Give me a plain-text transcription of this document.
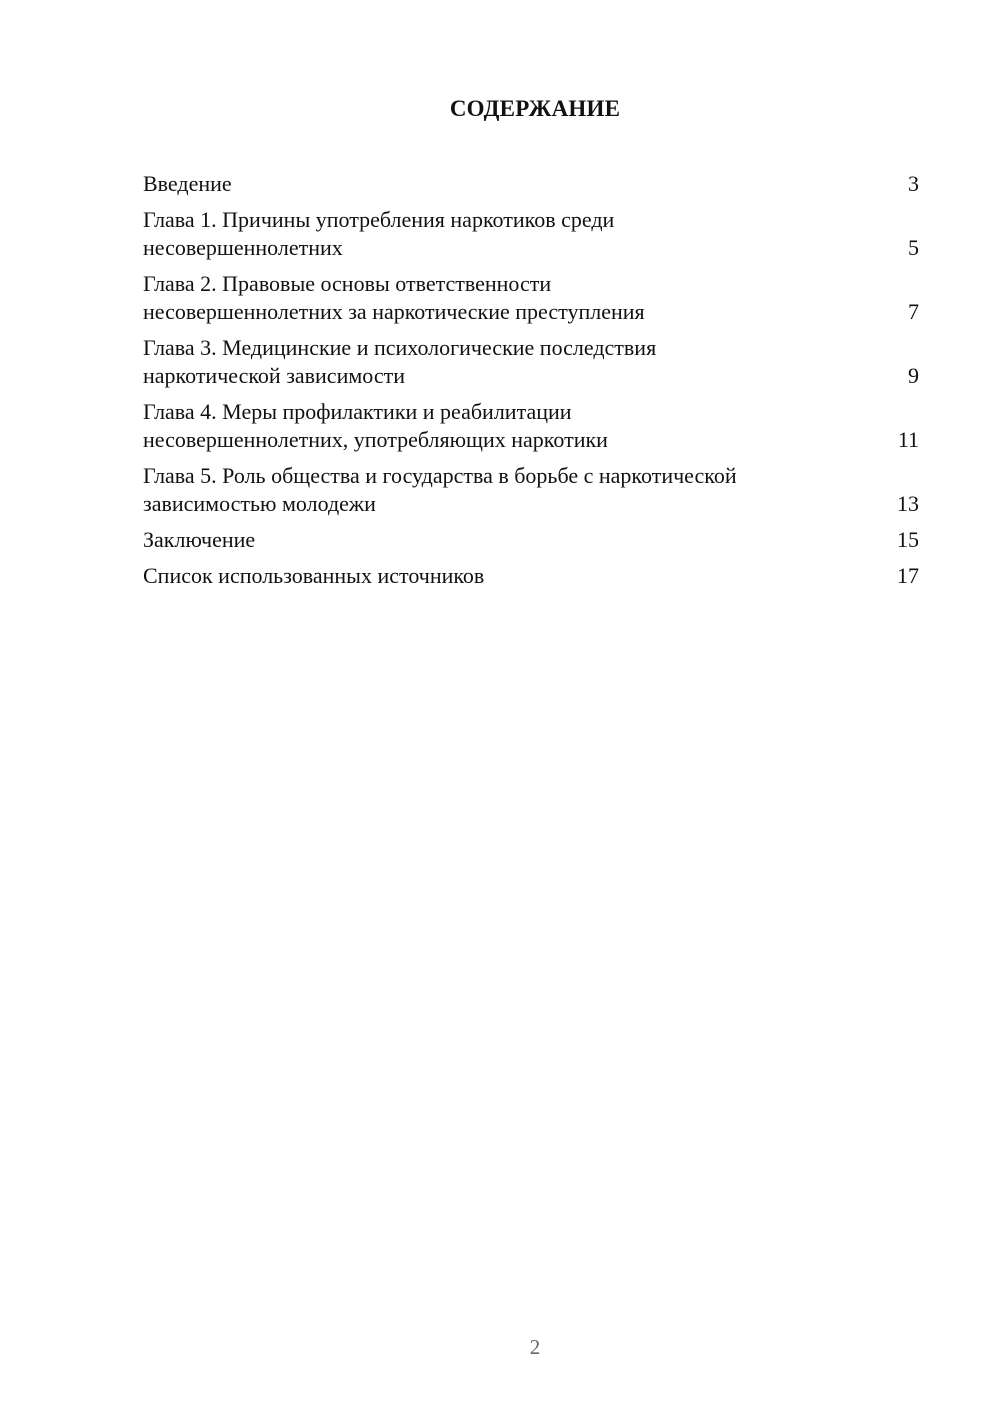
СОДЕРЖАНИЕ
Введение	3
Глава 1. Причины употребления наркотиков среди несовершеннолетних	5
Глава 2. Правовые основы ответственности несовершеннолетних за наркотические преступления	7
Глава 3. Медицинские и психологические последствия наркотической зависимости	9
Глава 4. Меры профилактики и реабилитации несовершеннолетних, употребляющих наркотики	11
Глава 5. Роль общества и государства в борьбе с наркотической зависимостью молодежи	13
Заключение	15
Список использованных источников	17
2
